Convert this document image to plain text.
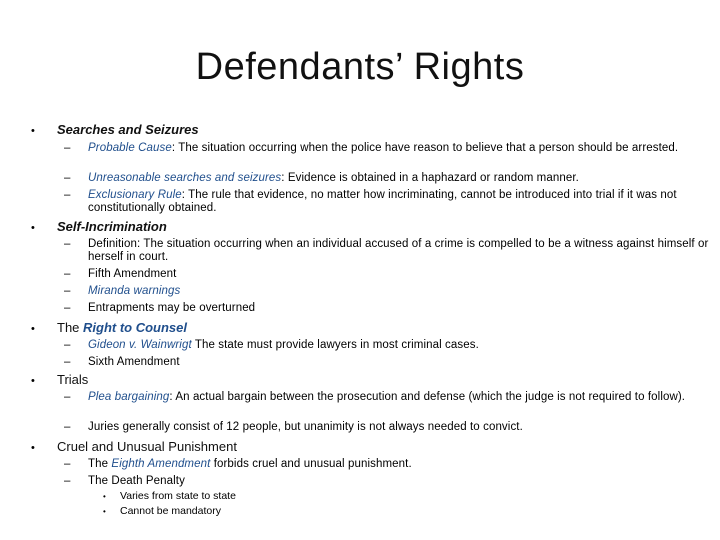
Defendants’ Rights
• Searches and Seizures
– Probable Cause: The situation occurring when the police have reason to believe that a person should be arrested.
– Unreasonable searches and seizures: Evidence is obtained in a haphazard or random manner.
– Exclusionary Rule: The rule that evidence, no matter how incriminating, cannot be introduced into trial if it was not constitutionally obtained.
• Self-Incrimination
– Definition: The situation occurring when an individual accused of a crime is compelled to be a witness against himself or herself in court.
– Fifth Amendment
– Miranda warnings
– Entrapments may be overturned
• The Right to Counsel
– Gideon v. Wainwrigt The state must provide lawyers in most criminal cases.
– Sixth Amendment
• Trials
– Plea bargaining: An actual bargain between the prosecution and defense (which the judge is not required to follow).
– Juries generally consist of 12 people, but unanimity is not always needed to convict.
• Cruel and Unusual Punishment
– The Eighth Amendment forbids cruel and unusual punishment.
– The Death Penalty
• Varies from state to state
• Cannot be mandatory
